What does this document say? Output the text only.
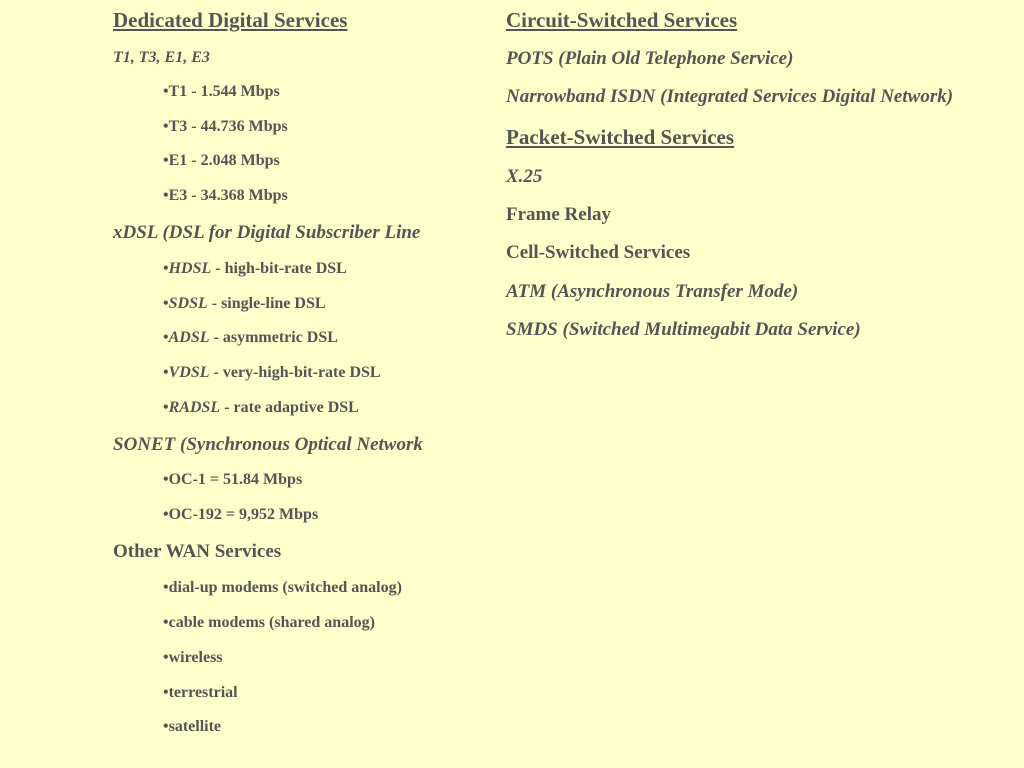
Dedicated Digital Services
T1, T3, E1, E3
•T1 - 1.544 Mbps
•T3 - 44.736 Mbps
•E1 - 2.048 Mbps
•E3 - 34.368 Mbps
xDSL (DSL for Digital Subscriber Line
•HDSL - high-bit-rate DSL
•SDSL - single-line DSL
•ADSL - asymmetric DSL
•VDSL - very-high-bit-rate DSL
•RADSL - rate adaptive DSL
SONET (Synchronous Optical Network
•OC-1 = 51.84 Mbps
•OC-192 = 9,952 Mbps
Other WAN Services
•dial-up modems (switched analog)
•cable modems (shared analog)
•wireless
•terrestrial
•satellite
Circuit-Switched Services
POTS (Plain Old Telephone Service)
Narrowband ISDN (Integrated Services Digital Network)
Packet-Switched Services
X.25
Frame Relay
Cell-Switched Services
ATM (Asynchronous Transfer Mode)
SMDS (Switched Multimegabit Data Service)
